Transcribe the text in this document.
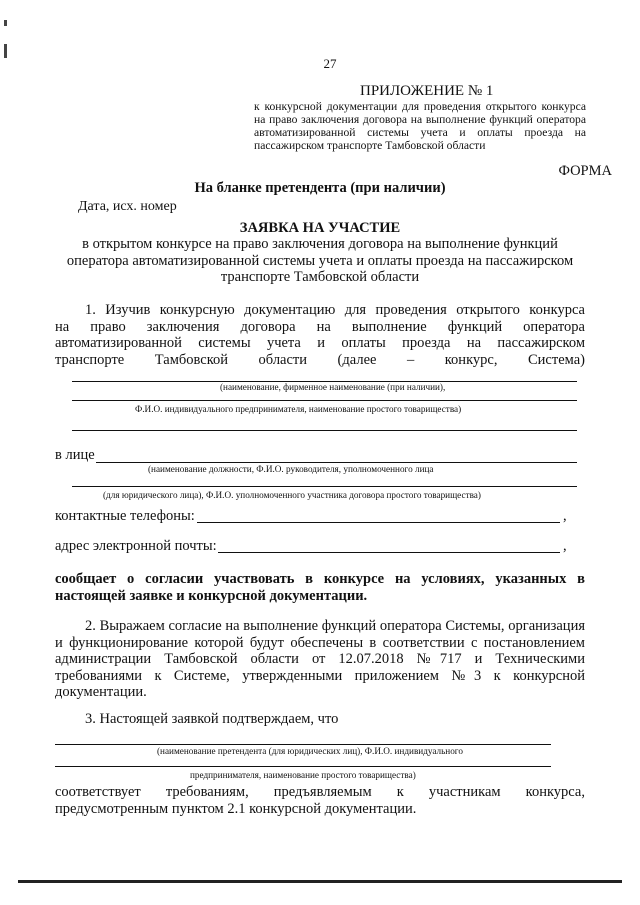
27
ПРИЛОЖЕНИЕ № 1
к конкурсной документации для проведения открытого конкурса на право заключения договора на выполнение функций оператора автоматизированной системы учета и оплаты проезда на пассажирском транспорте Тамбовской области
ФОРМА
На бланке претендента (при наличии)
Дата, исх. номер
ЗАЯВКА НА УЧАСТИЕ
в открытом конкурсе на право заключения договора на выполнение функций оператора автоматизированной системы учета и оплаты проезда на пассажирском транспорте Тамбовской области
1. Изучив конкурсную документацию для проведения открытого конкурса
на право заключения договора на выполнение функций оператора
автоматизированной системы учета и оплаты проезда на пассажирском
транспорте Тамбовской области (далее – конкурс, Система)
(наименование, фирменное наименование (при наличии),
Ф.И.О. индивидуального предпринимателя, наименование простого товарищества)
в лице
(наименование должности, Ф.И.О. руководителя, уполномоченного лица
(для юридического лица), Ф.И.О. уполномоченного участника договора простого товарищества)
контактные телефоны:	,
адрес электронной почты:	,
сообщает о согласии участвовать в конкурсе на условиях, указанных в настоящей заявке и конкурсной документации.
2. Выражаем согласие на выполнение функций оператора Системы, организация и функционирование которой будут обеспечены в соответствии с постановлением администрации Тамбовской области от 12.07.2018 №717 и Техническими требованиями к Системе, утвержденными приложением №3 к конкурсной документации.
3. Настоящей заявкой подтверждаем, что
(наименование претендента (для юридических лиц), Ф.И.О. индивидуального
предпринимателя, наименование простого товарищества)
соответствует требованиям, предъявляемым к участникам конкурса, предусмотренным пунктом 2.1 конкурсной документации.
